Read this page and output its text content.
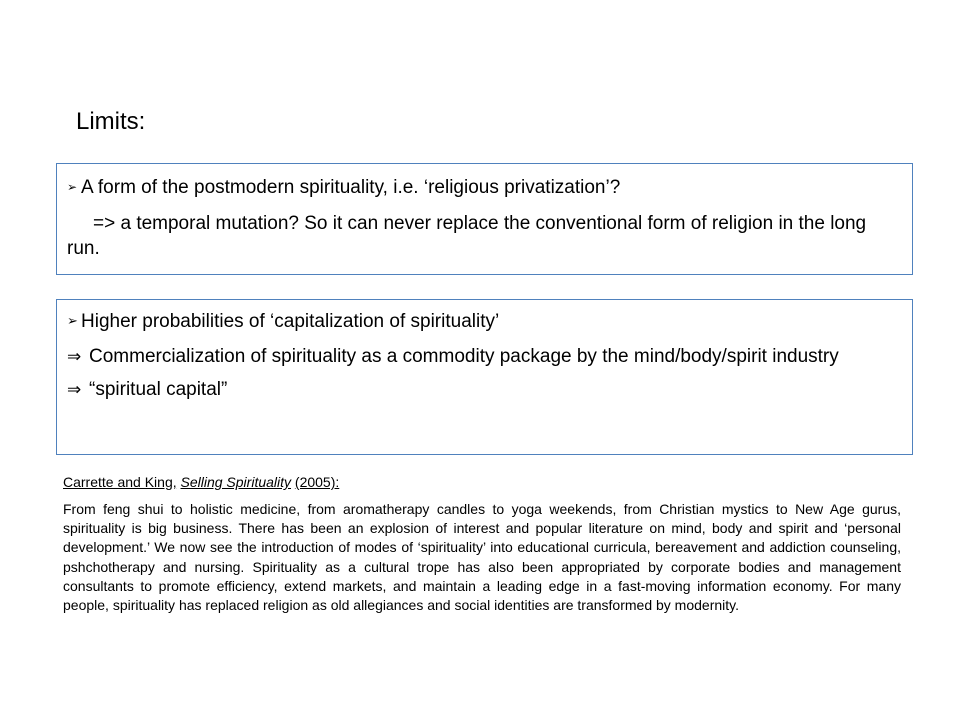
Limits:

➢ A form of the postmodern spirituality, i.e. ‘religious privatization’?

=> a temporal mutation? So it can never replace the conventional form of religion in the long run.

➢ Higher probabilities of ‘capitalization of spirituality’

⇒ Commercialization of spirituality as a commodity package by the mind/body/spirit industry

⇒ “spiritual capital”

Carrette and King, Selling Spirituality (2005):

From feng shui to holistic medicine, from aromatherapy candles to yoga weekends, from Christian mystics to New Age gurus, spirituality is big business. There has been an explosion of interest and popular literature on mind, body and spirit and ‘personal development.’ We now see the introduction of modes of ‘spirituality’ into educational curricula, bereavement and addiction counseling, pshchotherapy and nursing. Spirituality as a cultural trope has also been appropriated by corporate bodies and management consultants to promote efficiency, extend markets, and maintain a leading edge in a fast-moving information economy. For many people, spirituality has replaced religion as old allegiances and social identities are transformed by modernity.
